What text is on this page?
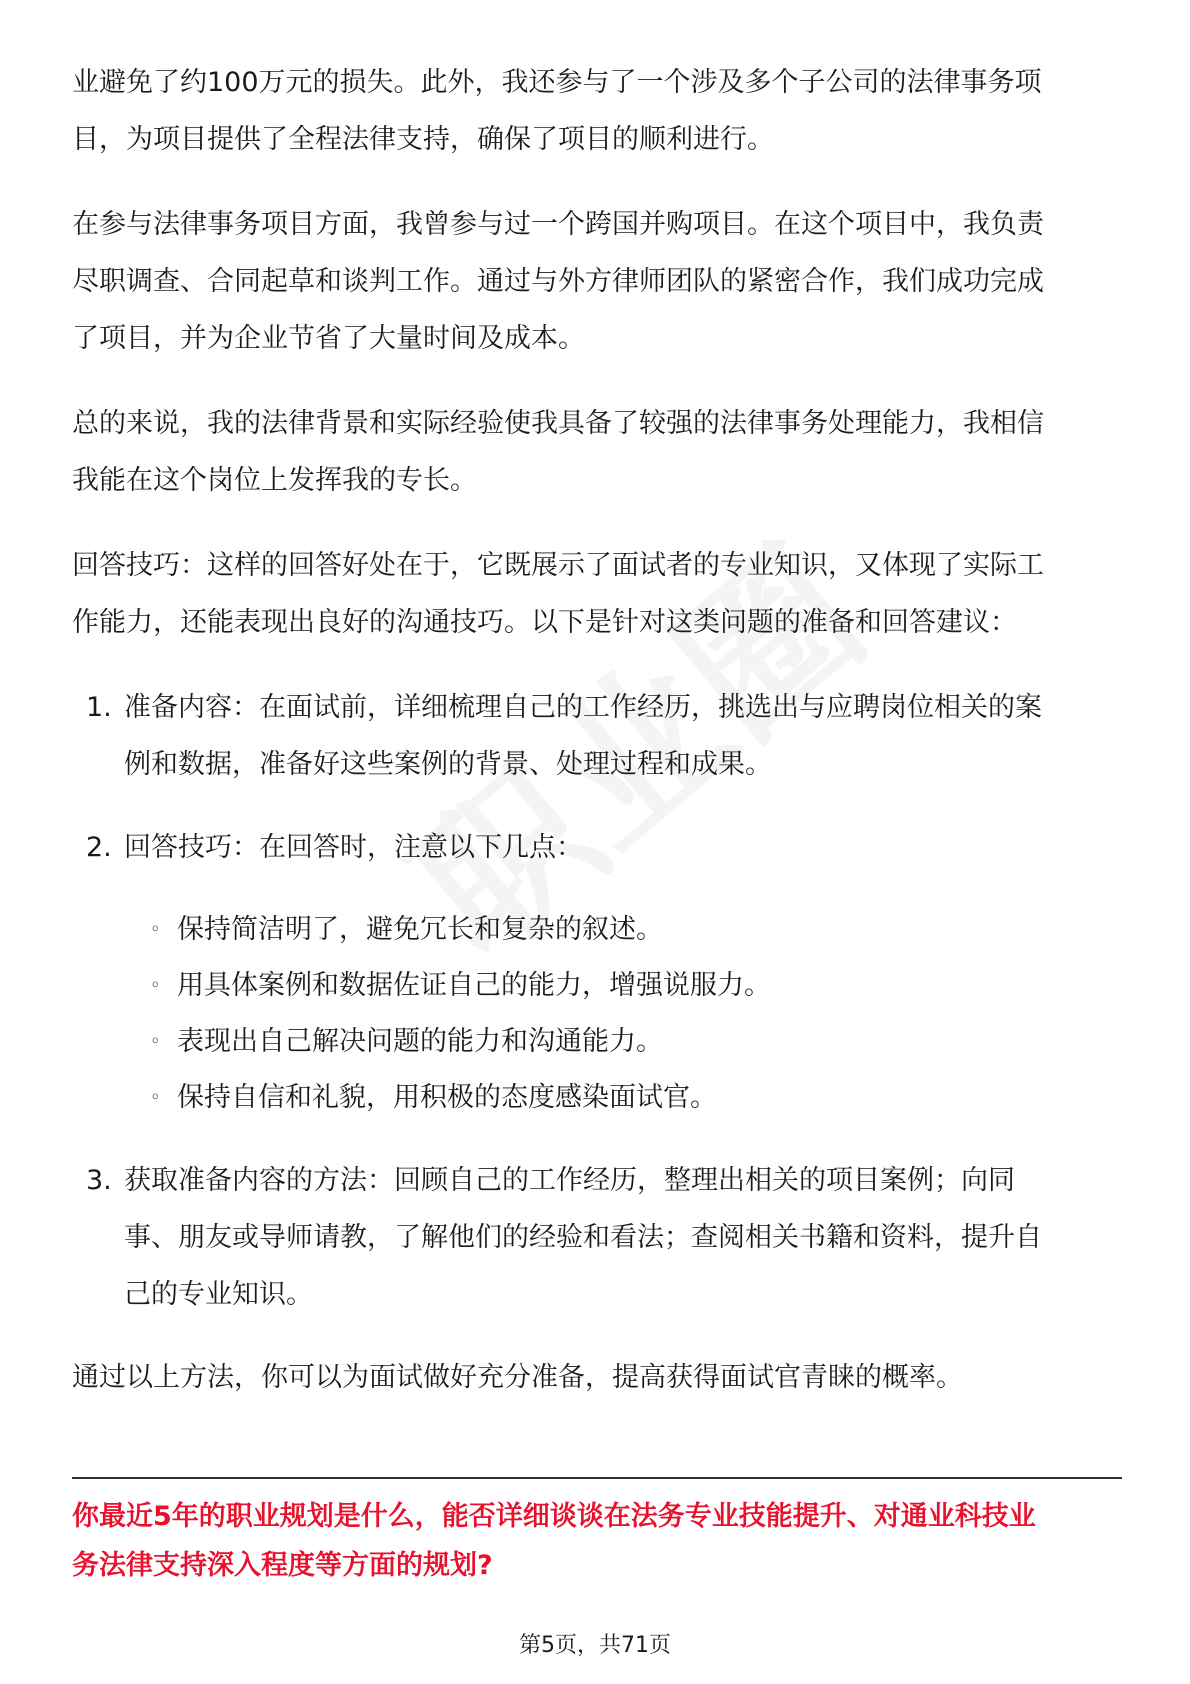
业避免了约100万元的损失。此外，我还参与了一个涉及多个子公司的法律事务项
目，为项目提供了全程法律支持，确保了项目的顺利进行。

在参与法律事务项目方面，我曾参与过一个跨国并购项目。在这个项目中，我负责
尽职调查、合同起草和谈判工作。通过与外方律师团队的紧密合作，我们成功完成
了项目，并为企业节省了大量时间及成本。

总的来说，我的法律背景和实际经验使我具备了较强的法律事务处理能力，我相信
我能在这个岗位上发挥我的专长。

回答技巧：这样的回答好处在于，它既展示了面试者的专业知识，又体现了实际工
作能力，还能表现出良好的沟通技巧。以下是针对这类问题的准备和回答建议：

1. 准备内容：在面试前，详细梳理自己的工作经历，挑选出与应聘岗位相关的案
例和数据，准备好这些案例的背景、处理过程和成果。
2. 回答技巧：在回答时，注意以下几点：
◦ 保持简洁明了，避免冗长和复杂的叙述。
◦ 用具体案例和数据佐证自己的能力，增强说服力。
◦ 表现出自己解决问题的能力和沟通能力。
◦ 保持自信和礼貌，用积极的态度感染面试官。
3. 获取准备内容的方法：回顾自己的工作经历，整理出相关的项目案例；向同
事、朋友或导师请教，了解他们的经验和看法；查阅相关书籍和资料，提升自
己的专业知识。

通过以上方法，你可以为面试做好充分准备，提高获得面试官青睐的概率。

你最近5年的职业规划是什么，能否详细谈谈在法务专业技能提升、对通业科技业
务法律支持深入程度等方面的规划?
第5页，共71页
